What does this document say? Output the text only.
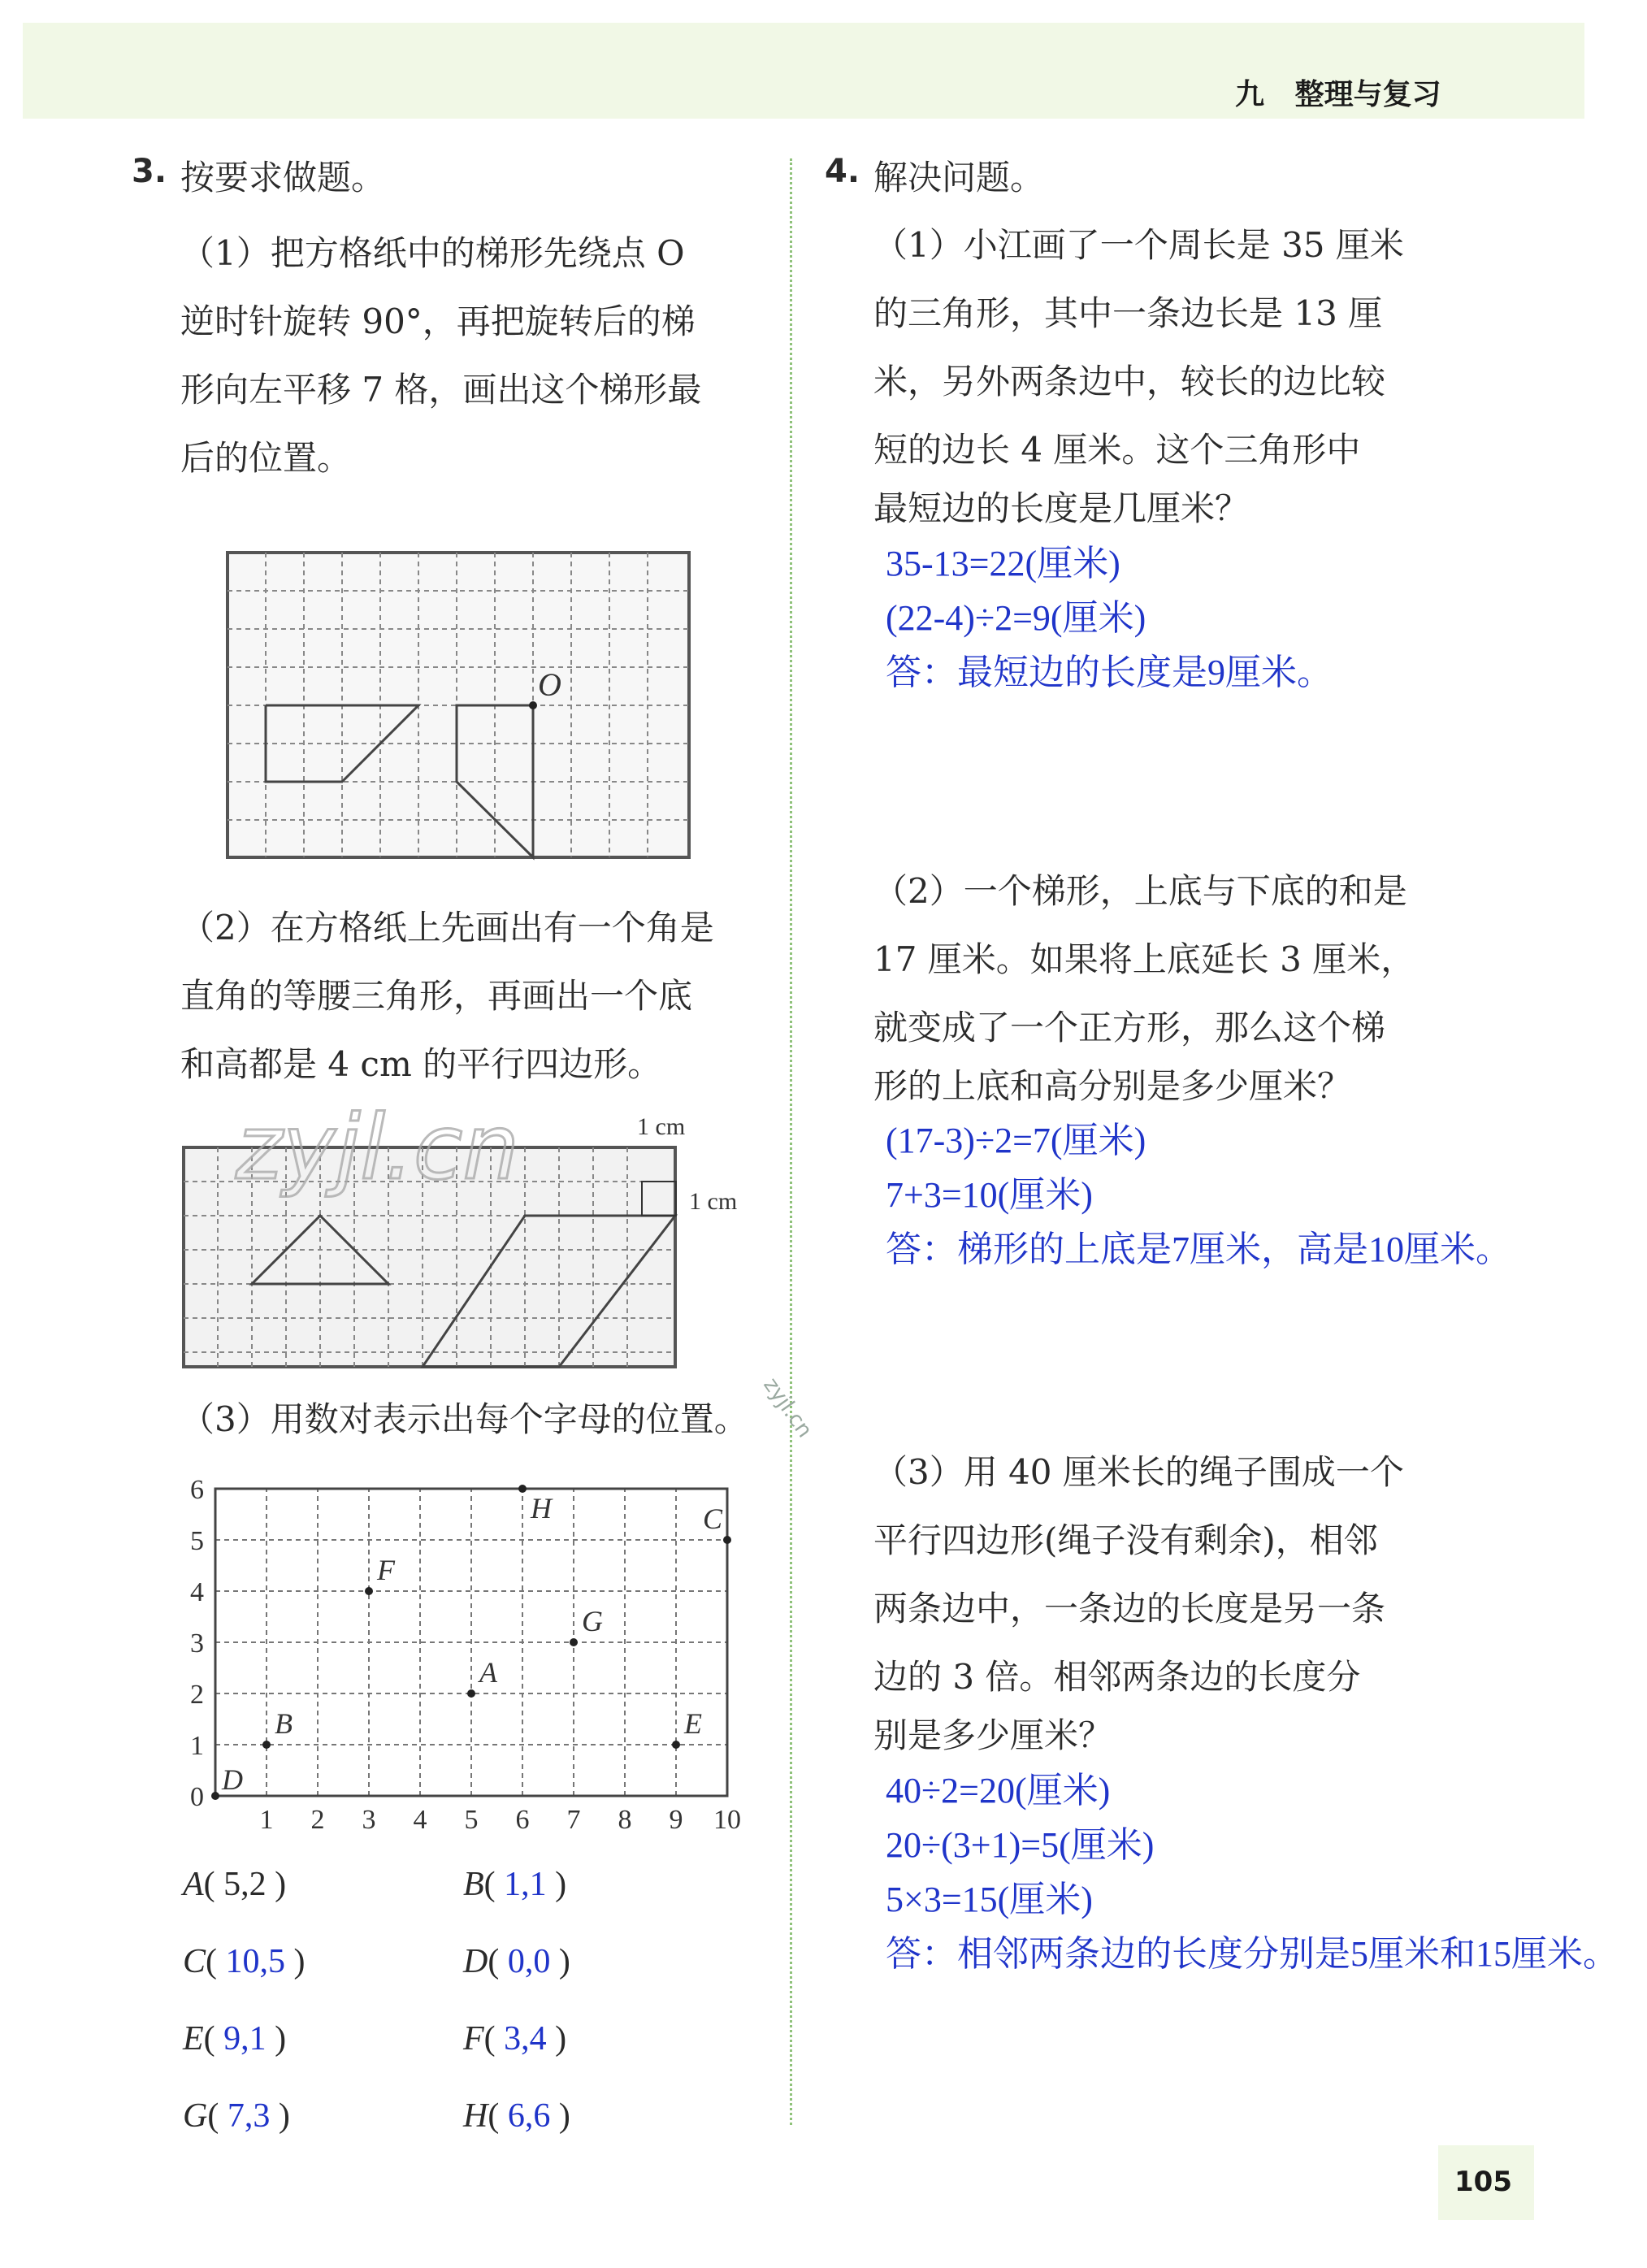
九   整理与复习
3. 按要求做题。
（1）把方格纸中的梯形先绕点 O
逆时针旋转 90°，再把旋转后的梯
形向左平移 7 格，画出这个梯形最
后的位置。
O
（2）在方格纸上先画出有一个角是
直角的等腰三角形，再画出一个底
和高都是 4 cm 的平行四边形。
1 cm
1 cm
zyjl.cn
（3）用数对表示出每个字母的位置。
1 2 3 4 5 6 7 8 9 10
0
1
2
3
4
5
6
A
B
C
D
E
F
G
H
A( 5,2 )	B( 1,1 )
C( 10,5 )	D( 0,0 )
E( 9,1 )	F( 3,4 )
G( 7,3 )	H( 6,6 )
zyjl.cn
4. 解决问题。
（1）小江画了一个周长是 35 厘米
的三角形，其中一条边长是 13 厘
米，另外两条边中，较长的边比较
短的边长 4 厘米。这个三角形中
最短边的长度是几厘米？
35-13=22(厘米)
(22-4)÷2=9(厘米)
答：最短边的长度是9厘米。
（2）一个梯形，上底与下底的和是
17 厘米。如果将上底延长 3 厘米，
就变成了一个正方形，那么这个梯
形的上底和高分别是多少厘米？
(17-3)÷2=7(厘米)
7+3=10(厘米)
答：梯形的上底是7厘米，高是10厘米。
（3）用 40 厘米长的绳子围成一个
平行四边形(绳子没有剩余)，相邻
两条边中，一条边的长度是另一条
边的 3 倍。相邻两条边的长度分
别是多少厘米？
40÷2=20(厘米)
20÷(3+1)=5(厘米)
5×3=15(厘米)
答：相邻两条边的长度分别是5厘米和15厘米。
105
